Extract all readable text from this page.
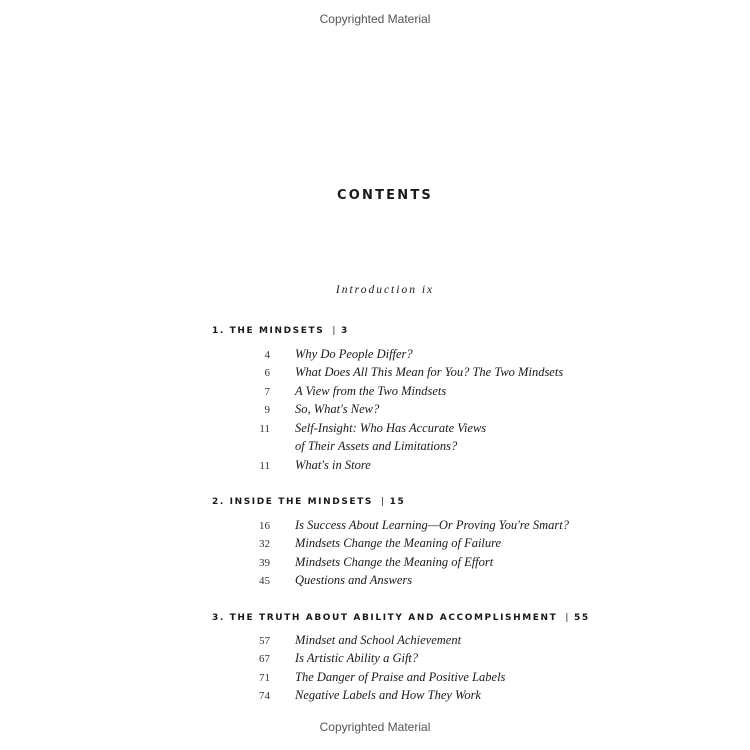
Copyrighted Material
CONTENTS
Introduction ix
1. THE MINDSETS | 3
4 Why Do People Differ?
6 What Does All This Mean for You? The Two Mindsets
7 A View from the Two Mindsets
9 So, What's New?
11 Self-Insight: Who Has Accurate Views
of Their Assets and Limitations?
11 What's in Store
2. INSIDE THE MINDSETS | 15
16 Is Success About Learning—Or Proving You're Smart?
32 Mindsets Change the Meaning of Failure
39 Mindsets Change the Meaning of Effort
45 Questions and Answers
3. THE TRUTH ABOUT ABILITY AND ACCOMPLISHMENT | 55
57 Mindset and School Achievement
67 Is Artistic Ability a Gift?
71 The Danger of Praise and Positive Labels
74 Negative Labels and How They Work
Copyrighted Material
